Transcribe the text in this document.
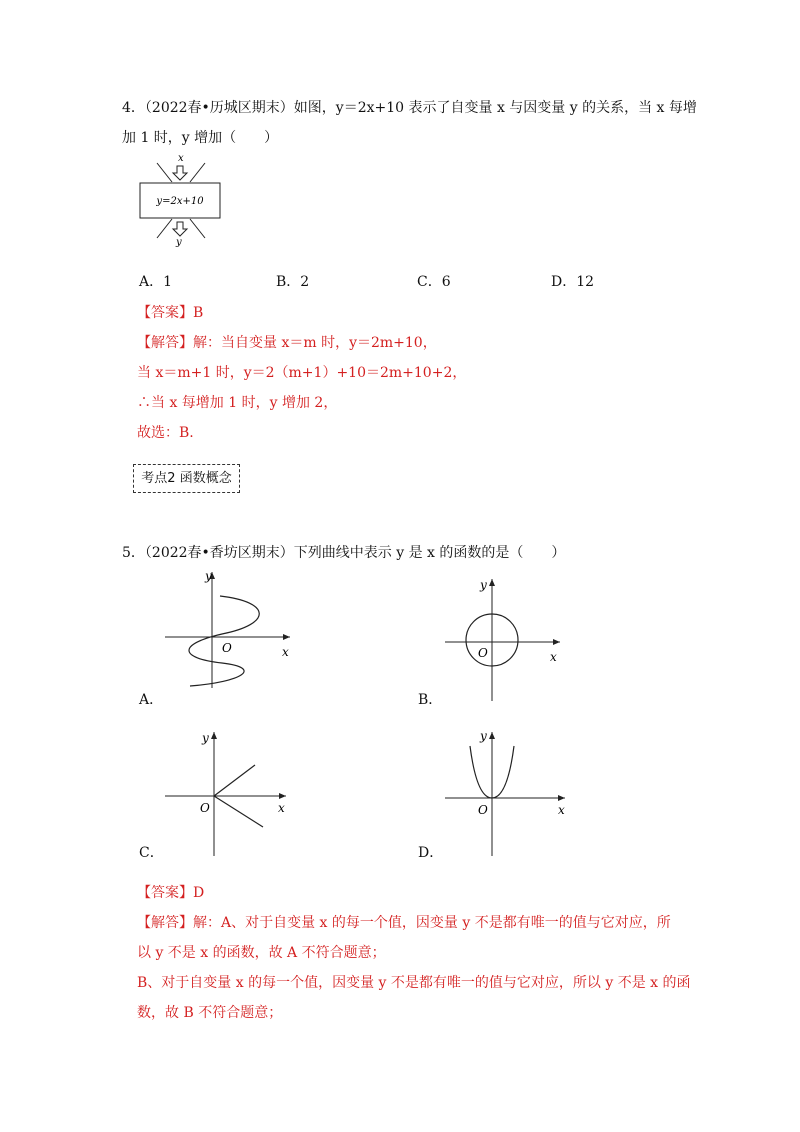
4．（2022春•历城区期末）如图，y＝2x+10 表示了自变量 x 与因变量 y 的关系，当 x 每增
加 1 时，y 增加（　　）
x
y=2x+10
y
A．1	B．2	C．6	D．12
【答案】B
【解答】解：当自变量 x＝m 时，y＝2m+10，
当 x＝m+1 时，y＝2（m+1）+10＝2m+10+2，
∴当 x 每增加 1 时，y 增加 2，
故选：B.
考点2 函数概念
5．（2022春•香坊区期末）下列曲线中表示 y 是 x 的函数的是（　　）
y
x
O
A．
y
x
O
B．
y
x
O
C．
y
x
O
D．
【答案】D
【解答】解：A、对于自变量 x 的每一个值，因变量 y 不是都有唯一的值与它对应，所
以 y 不是 x 的函数，故 A 不符合题意；
B、对于自变量 x 的每一个值，因变量 y 不是都有唯一的值与它对应，所以 y 不是 x 的函
数，故 B 不符合题意；
